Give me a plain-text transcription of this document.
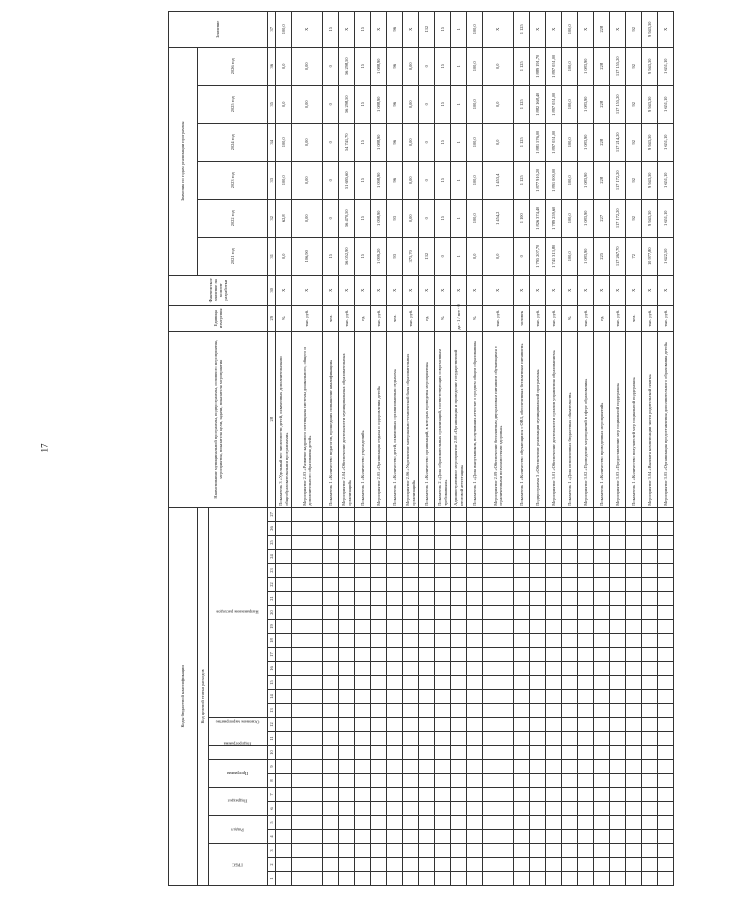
17
Коды бюджетной классификации																											Наименование муниципальной программы, подпрограммы, основного мероприятия, мероприятия, показателя цели, задачи, показателя мероприятия	Единица измерения	Фактическое значение на момент разработки	Значения по годам реализации программы						Значение
Код целевой статьи расходов																														2021 год	2022 год	2023 год	2024 год	2025 год	2026 год	
ГРБС			Раздел		Подраздел		Программа		Подпрограмма	Основное мероприятие		Направление расходов																								
1	2	3	4	5	6	7	8	9	10	11	12	13	14	15	16	17	18	19	20	21	22	23	24	25	26	27	28	29	30	31	32	33	34	35	36	37
																											Показатель 3 «Удельный вес численности детей, охваченных дополнительными общеобразовательными программами»	%	X	0,0	62,8	100,0	100,0	0,0	0,0	100,0
																											Мероприятие 2.03 «Развитие кадрового потенциала системы дошкольного, общего и дополнительного образования детей»	тыс. руб.	X	106,90	0,00	0,00	0,00	0,00	0,00	X
																											Показатель 1 «Количество педагогов, прошедших повышение квалификации»	чел.	X	15	0	0	0	0	0	15
																											Мероприятие 2.04 «Обеспечение деятельности муниципальных образовательных организаций»	тыс. руб.	X	56 052,90	56 470,50	51 695,60	54 741,70	56 298,50	56 298,50	X
																											Показатель 1 «Количество учреждений»	ед.	X	15	15	15	15	15	15	15
																											Мероприятие 2.05 «Организация отдыха и оздоровления детей»	тыс. руб.	X	1 099,20	1 098,90	1 098,90	1 088,90	1 088,90	1 088,90	X
																											Показатель 1 «Количество детей, охваченных организованным отдыхом»	чел.	X	93	93	96	96	96	96	96
																											Мероприятие 2.06 «Укрепление материально-технической базы образовательных организаций»	тыс. руб.	X	375,70	0,00	0,00	0,00	0,00	0,00	X
																											Показатель 1 «Количество организаций, в которых проведены мероприятия»	ед.	X	132	0	0	0	0	0	132
																											Показатель 2 «Доля образовательных организаций, соответствующих современным требованиям»	%	X	0	15	15	15	15	15	15
																											Административное мероприятие 2.08 «Организация и проведение государственной итоговой аттестации»	да - 1 / нет - 0	X	1	1	1	1	1	1	1
																											Показатель 1 «Доля выпускников, получивших аттестат о среднем общем образовании»	%	X	0,0	100,0	100,0	100,0	100,0	100,0	100,0
																											Мероприятие 2.09 «Обеспечение бесплатным двухразовым питанием обучающихся с ограниченными возможностями здоровья»	тыс. руб.	X	0,0	1 454,2	1 453,4	0,0	0,0	0,0	X
																											Показатель 1 «Количество обучающихся с ОВЗ, обеспеченных бесплатным питанием»	человек	X	0	1 100	1 125	1 125	1 125	1 125	1 125
																											Подпрограмма 3 «Обеспечение реализации муниципальной программы»	тыс. руб.	X	1 795 207,70	1 826 374,40	1 877 910,20	1 881 576,00	1 882 168,40	1 889 191,70	X
																											Мероприятие 3.01 «Обеспечение деятельности органов управления образованием»	тыс. руб.	X	1 741 313,80	1 789 259,60	1 891 000,00	1 897 051,00	1 897 051,00	1 897 051,00	X
																											Показатель 1 «Доля исполненных бюджетных обязательств»	%	X	100,0	100,0	100,0	100,0	100,0	100,0	100,0
																											Мероприятие 3.02 «Проведение мероприятий в сфере образования»	тыс. руб.	X	1 083,90	1 083,90	1 083,90	1 083,90	1 083,90	1 083,90	X
																											Показатель 1 «Количество проведенных мероприятий»	ед.	X	225	227	228	228	228	228	228
																											Мероприятие 3.03 «Предоставление мер социальной поддержки»	тыс. руб.	X	117 267,70	117 172,20	117 172,20	117 214,20	117 155,20	117 155,20	X
																											Показатель 1 «Количество получателей мер социальной поддержки»	чел.	X	72	92	92	92	92	92	92
																											Мероприятие 3.04 «Выплата компенсации части родительской платы»	тыс. руб.	X	10 977,80	9 943,30	9 943,30	9 943,30	9 943,30	9 943,30	9 943,30
																											Мероприятие 3.05 «Организация предоставления дополнительного образования детей»	тыс. руб.	X	1 622,50	1 651,10	1 651,10	1 651,10	1 651,10	1 651,10	X
